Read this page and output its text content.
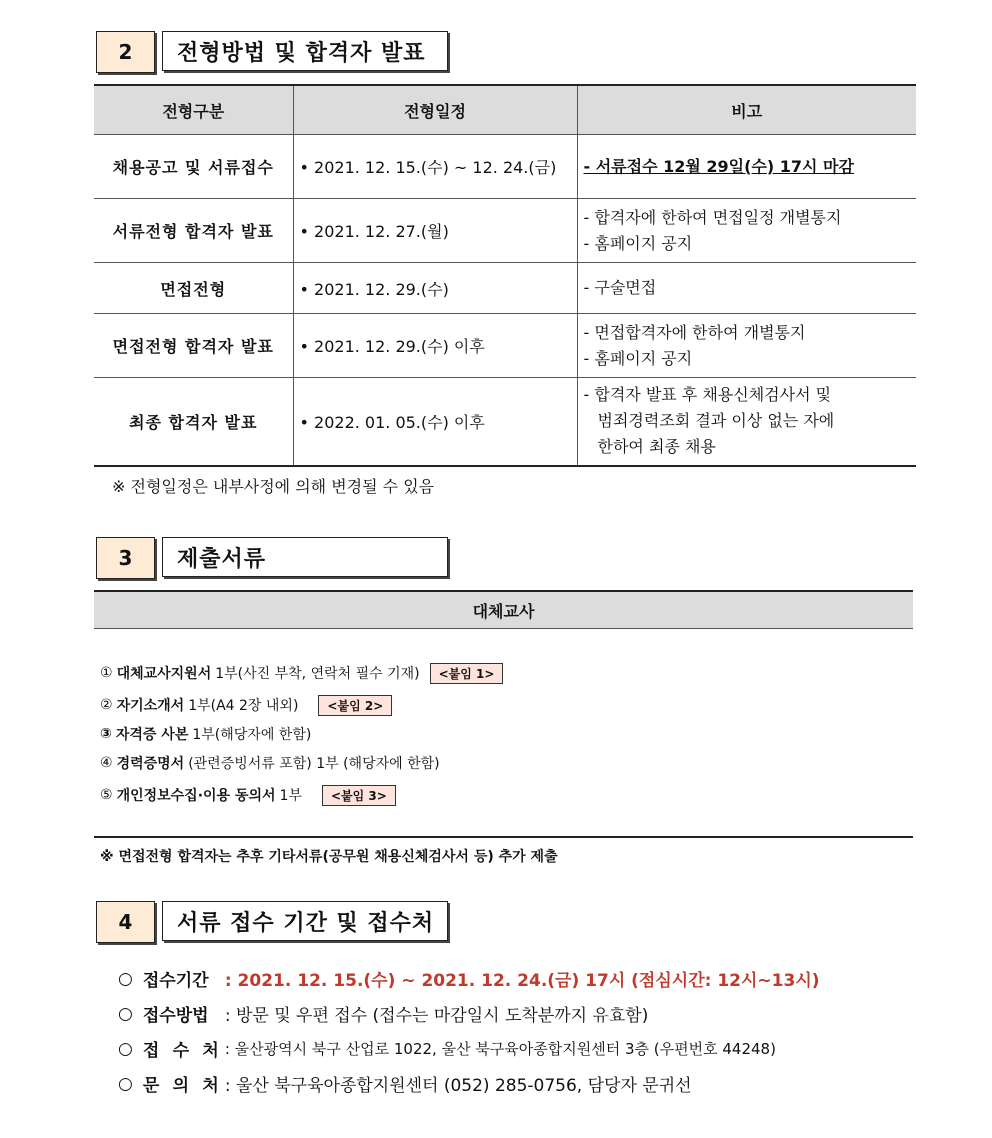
2	전형방법 및 합격자 발표
전형구분	전형일정	비고
채용공고 및 서류접수	• 2021. 12. 15.(수) ~ 12. 24.(금)	- 서류접수 12월 29일(수) 17시 마감

서류전형 합격자 발표	• 2021. 12. 27.(월)	- 합격자에 한하여 면접일정 개별통지
- 홈페이지 공지

면접전형	• 2021. 12. 29.(수)	- 구술면접

면접전형 합격자 발표	• 2021. 12. 29.(수) 이후	- 면접합격자에 한하여 개별통지
- 홈페이지 공지

최종 합격자 발표	• 2022. 01. 05.(수) 이후	- 합격자 발표 후 채용신체검사서 및
범죄경력조회 결과 이상 없는 자에
한하여 최종 채용
※ 전형일정은 내부사정에 의해 변경될 수 있음
3	제출서류
대체교사
① 대체교사지원서 1부(사진 부착, 연락처 필수 기재)	<붙임 1>
② 자기소개서 1부(A4 2장 내외)	<붙임 2>
③ 자격증 사본 1부(해당자에 한함)
④ 경력증명서 (관련증빙서류 포함) 1부 (해당자에 한함)
⑤ 개인정보수집·이용 동의서 1부	<붙임 3>
※ 면접전형 합격자는 추후 기타서류(공무원 채용신체검사서 등) 추가 제출
4	서류 접수 기간 및 접수처
○ 접수기간 : 2021. 12. 15.(수) ~ 2021. 12. 24.(금) 17시 (점심시간: 12시~13시)
○ 접수방법 : 방문 및 우편 접수 (접수는 마감일시 도착분까지 유효함)
○ 접 수 처 : 울산광역시 북구 산업로 1022, 울산 북구육아종합지원센터 3층 (우편번호 44248)
○ 문 의 처 : 울산 북구육아종합지원센터 (052) 285-0756, 담당자 문귀선
